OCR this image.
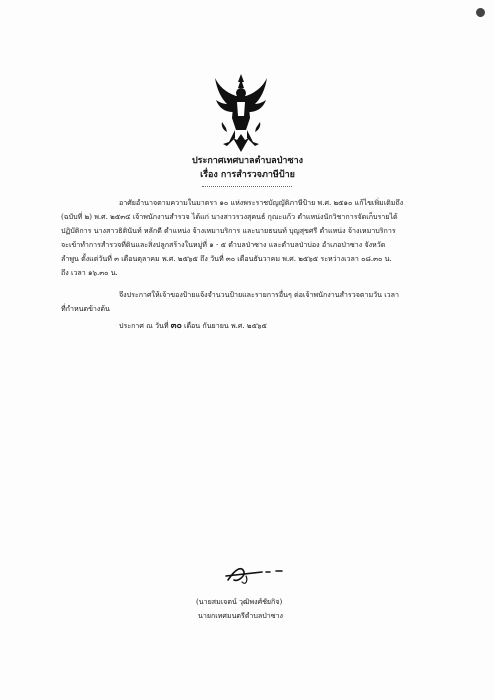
ประกาศเทศบาลตำบลป่าซาง
เรื่อง การสำรวจภาษีป้าย
อาศัยอำนาจตามความในมาตรา ๑๐ แห่งพระราชบัญญัติภาษีป้าย พ.ศ. ๒๕๑๐ แก้ไขเพิ่มเติมถึง
(ฉบับที่ ๒) พ.ศ. ๒๕๓๔ เจ้าพนักงานสำรวจ ได้แก่ นางสาวรวงสุคนธ์ กุณะแก้ว ตำแหน่งนักวิชาการจัดเก็บรายได้
ปฏิบัติการ นางสาวธิตินันท์ หลักดี ตำแหน่ง จ้างเหมาบริการ และนายธนนท์ บุญสุขศรี ตำแหน่ง จ้างเหมาบริการ
จะเข้าทำการสำรวจที่ดินและสิ่งปลูกสร้างในหมู่ที่ ๑ - ๕ ตำบลป่าซาง และตำบลป่าบ่อง อำเภอป่าซาง จังหวัด
ลำพูน ตั้งแต่วันที่ ๓ เดือนตุลาคม พ.ศ. ๒๕๖๕ ถึง วันที่ ๓๐ เดือนธันวาคม พ.ศ. ๒๕๖๕ ระหว่างเวลา ๐๘.๓๐ น.
ถึง เวลา ๑๖.๓๐ น.
จึงประกาศให้เจ้าของป้ายแจ้งจำนวนป้ายและรายการอื่นๆ ต่อเจ้าพนักงานสำรวจตามวัน เวลา
ที่กำหนดข้างต้น
ประกาศ ณ วันที่ ๓๐ เดือน กันยายน พ.ศ. ๒๕๖๕
(นายสมเจตน์ วุฒิพงศ์ชัยกิจ)
นายกเทศมนตรีตำบลป่าซาง
